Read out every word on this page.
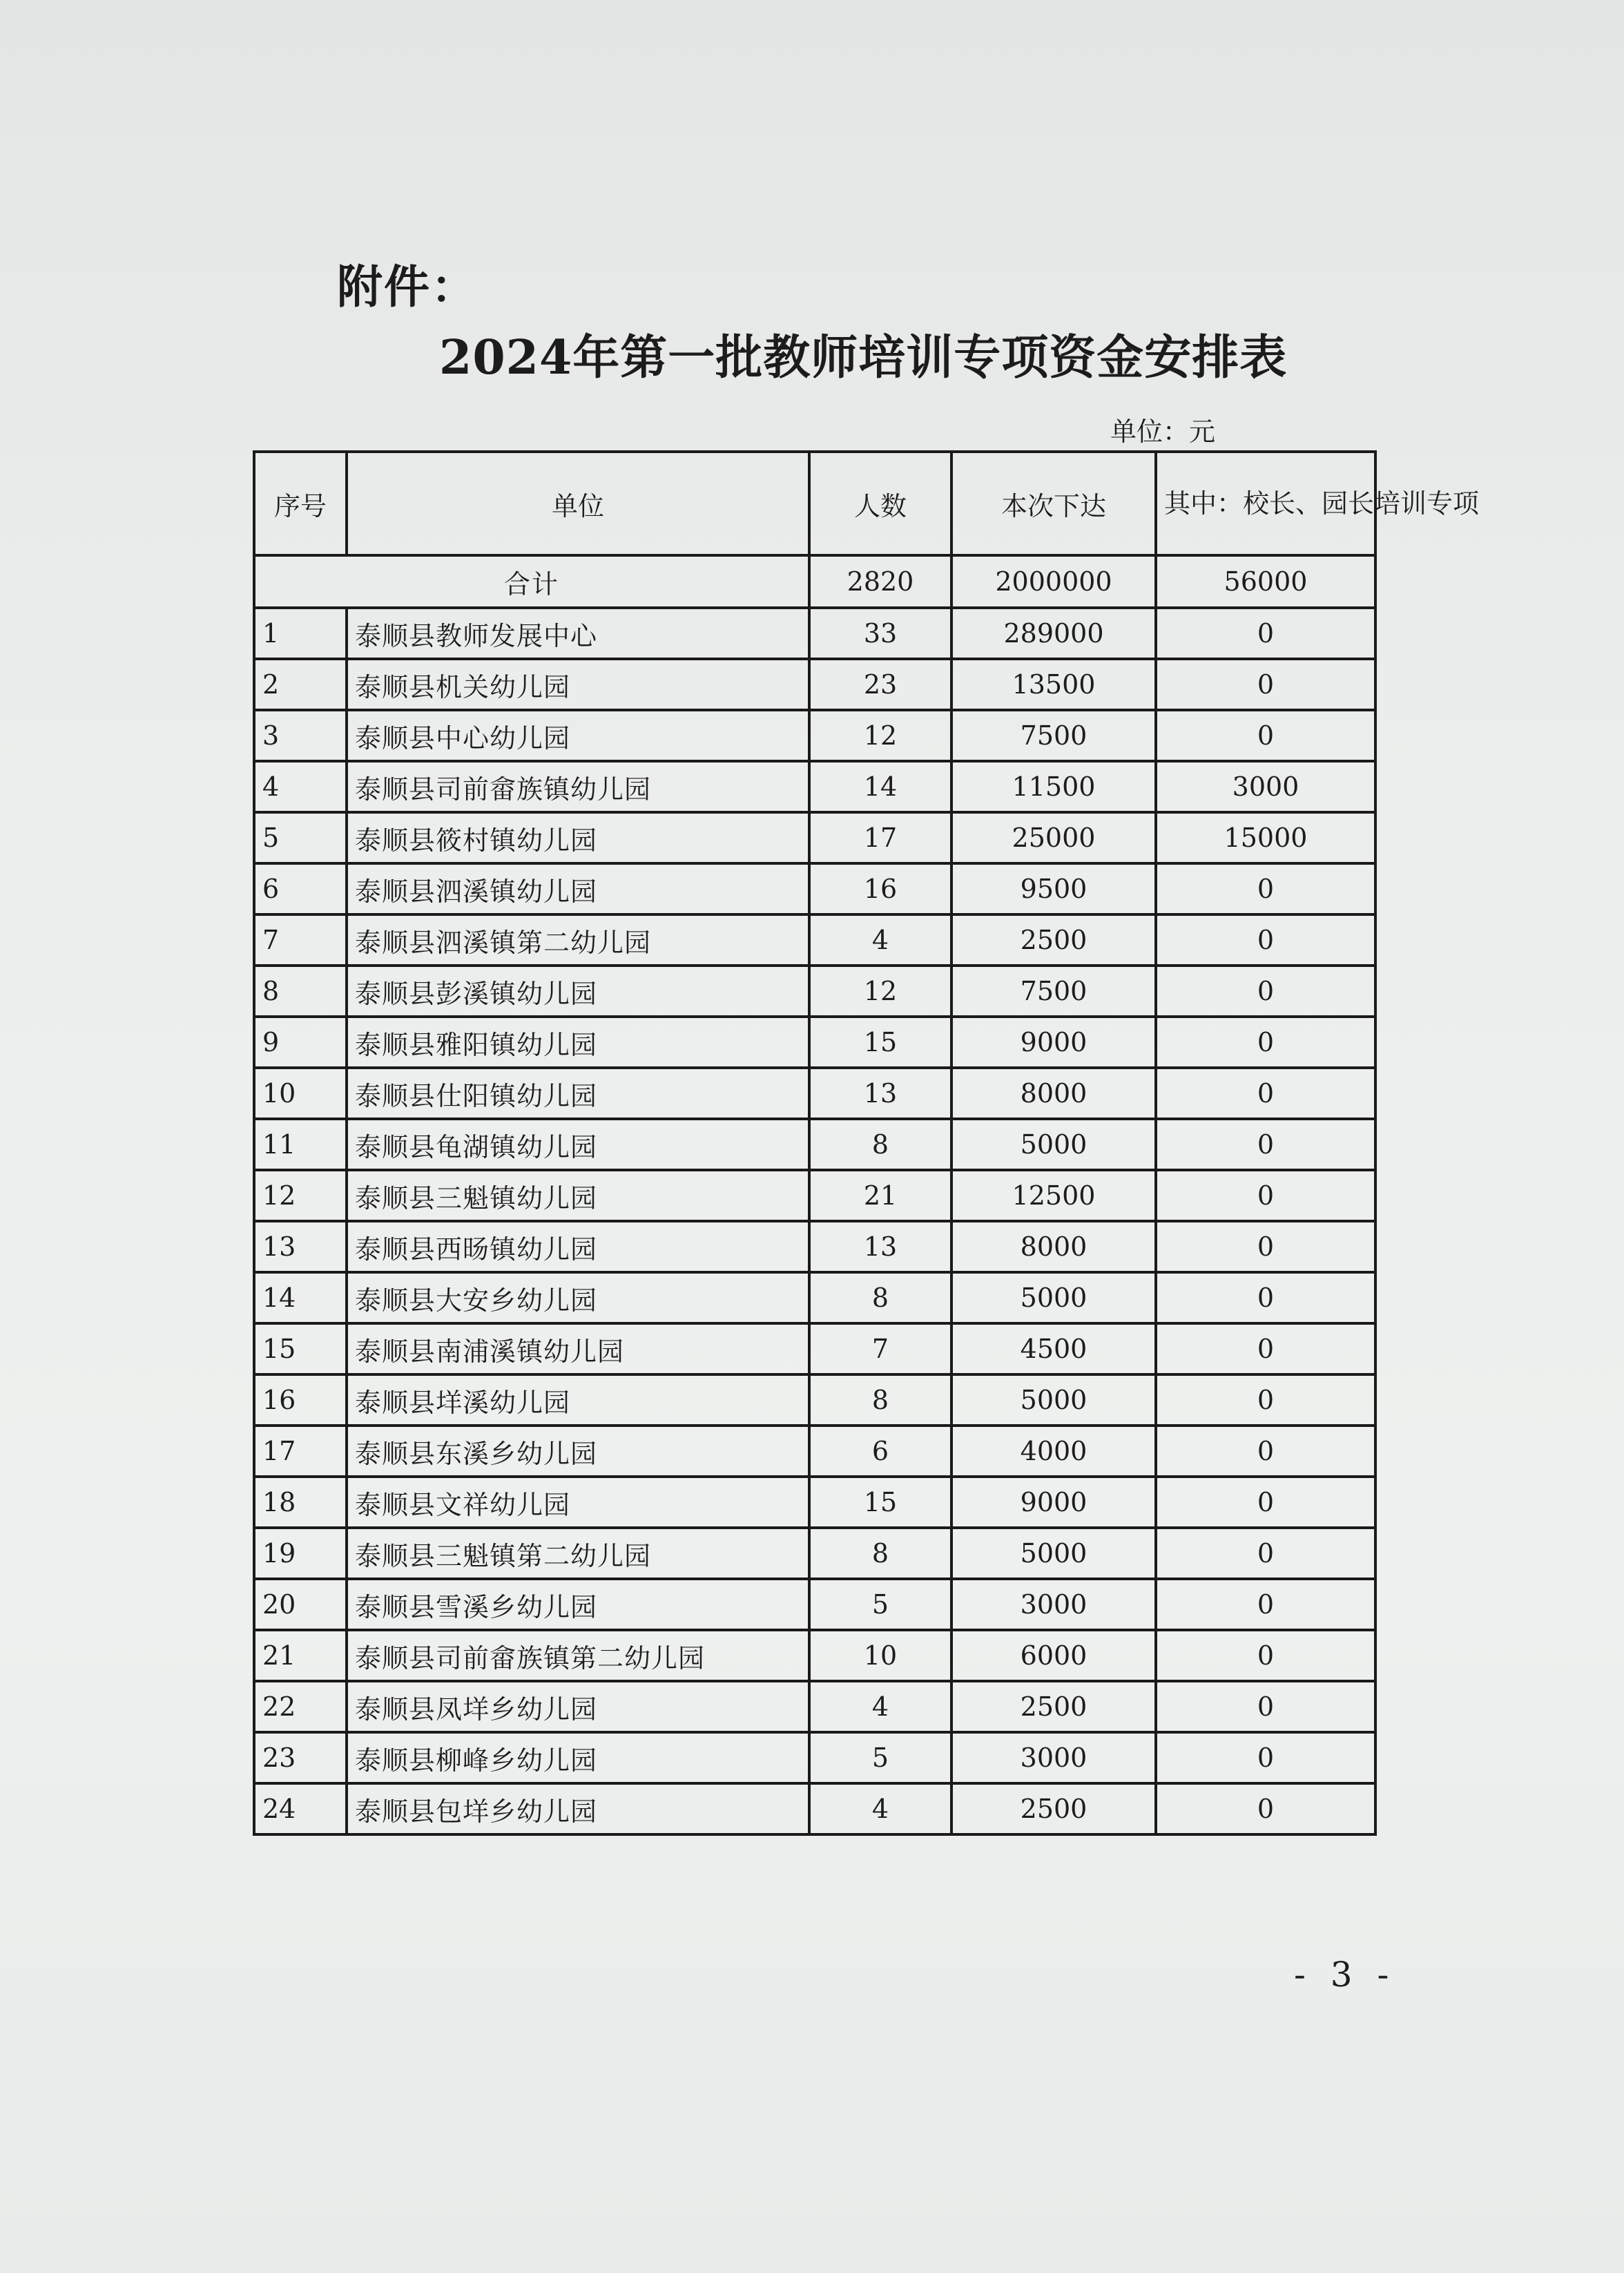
附件：
2024年第一批教师培训专项资金安排表
单位：元
序号	单位	人数	本次下达	其中：校长、园长培训专项
合计		2820	2000000	56000
1	泰顺县教师发展中心	33	289000	0
2	泰顺县机关幼儿园	23	13500	0
3	泰顺县中心幼儿园	12	7500	0
4	泰顺县司前畲族镇幼儿园	14	11500	3000
5	泰顺县筱村镇幼儿园	17	25000	15000
6	泰顺县泗溪镇幼儿园	16	9500	0
7	泰顺县泗溪镇第二幼儿园	4	2500	0
8	泰顺县彭溪镇幼儿园	12	7500	0
9	泰顺县雅阳镇幼儿园	15	9000	0
10	泰顺县仕阳镇幼儿园	13	8000	0
11	泰顺县龟湖镇幼儿园	8	5000	0
12	泰顺县三魁镇幼儿园	21	12500	0
13	泰顺县西旸镇幼儿园	13	8000	0
14	泰顺县大安乡幼儿园	8	5000	0
15	泰顺县南浦溪镇幼儿园	7	4500	0
16	泰顺县垟溪幼儿园	8	5000	0
17	泰顺县东溪乡幼儿园	6	4000	0
18	泰顺县文祥幼儿园	15	9000	0
19	泰顺县三魁镇第二幼儿园	8	5000	0
20	泰顺县雪溪乡幼儿园	5	3000	0
21	泰顺县司前畲族镇第二幼儿园	10	6000	0
22	泰顺县凤垟乡幼儿园	4	2500	0
23	泰顺县柳峰乡幼儿园	5	3000	0
24	泰顺县包垟乡幼儿园	4	2500	0
- 3 -
